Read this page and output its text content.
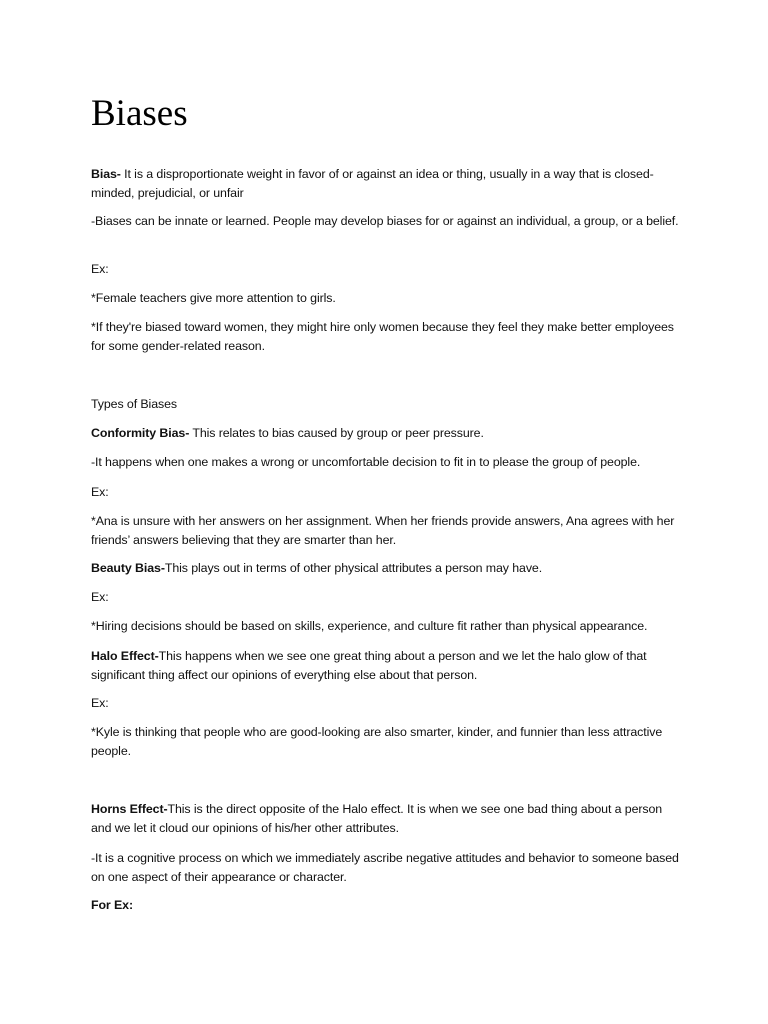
Biases

Bias- It is a disproportionate weight in favor of or against an idea or thing, usually in a way that is closed-minded, prejudicial, or unfair

-Biases can be innate or learned. People may develop biases for or against an individual, a group, or a belief.

Ex:

*Female teachers give more attention to girls.

*If they're biased toward women, they might hire only women because they feel they make better employees for some gender-related reason.

Types of Biases

Conformity Bias- This relates to bias caused by group or peer pressure.

-It happens when one makes a wrong or uncomfortable decision to fit in to please the group of people.

Ex:

*Ana is unsure with her answers on her assignment. When her friends provide answers, Ana agrees with her friends’ answers believing that they are smarter than her.

Beauty Bias-This plays out in terms of other physical attributes a person may have.

Ex:

*Hiring decisions should be based on skills, experience, and culture fit rather than physical appearance.

Halo Effect-This happens when we see one great thing about a person and we let the halo glow of that significant thing affect our opinions of everything else about that person.

Ex:

*Kyle is thinking that people who are good-looking are also smarter, kinder, and funnier than less attractive people.

Horns Effect-This is the direct opposite of the Halo effect. It is when we see one bad thing about a person and we let it cloud our opinions of his/her other attributes.

-It is a cognitive process on which we immediately ascribe negative attitudes and behavior to someone based on one aspect of their appearance or character.

For Ex:
